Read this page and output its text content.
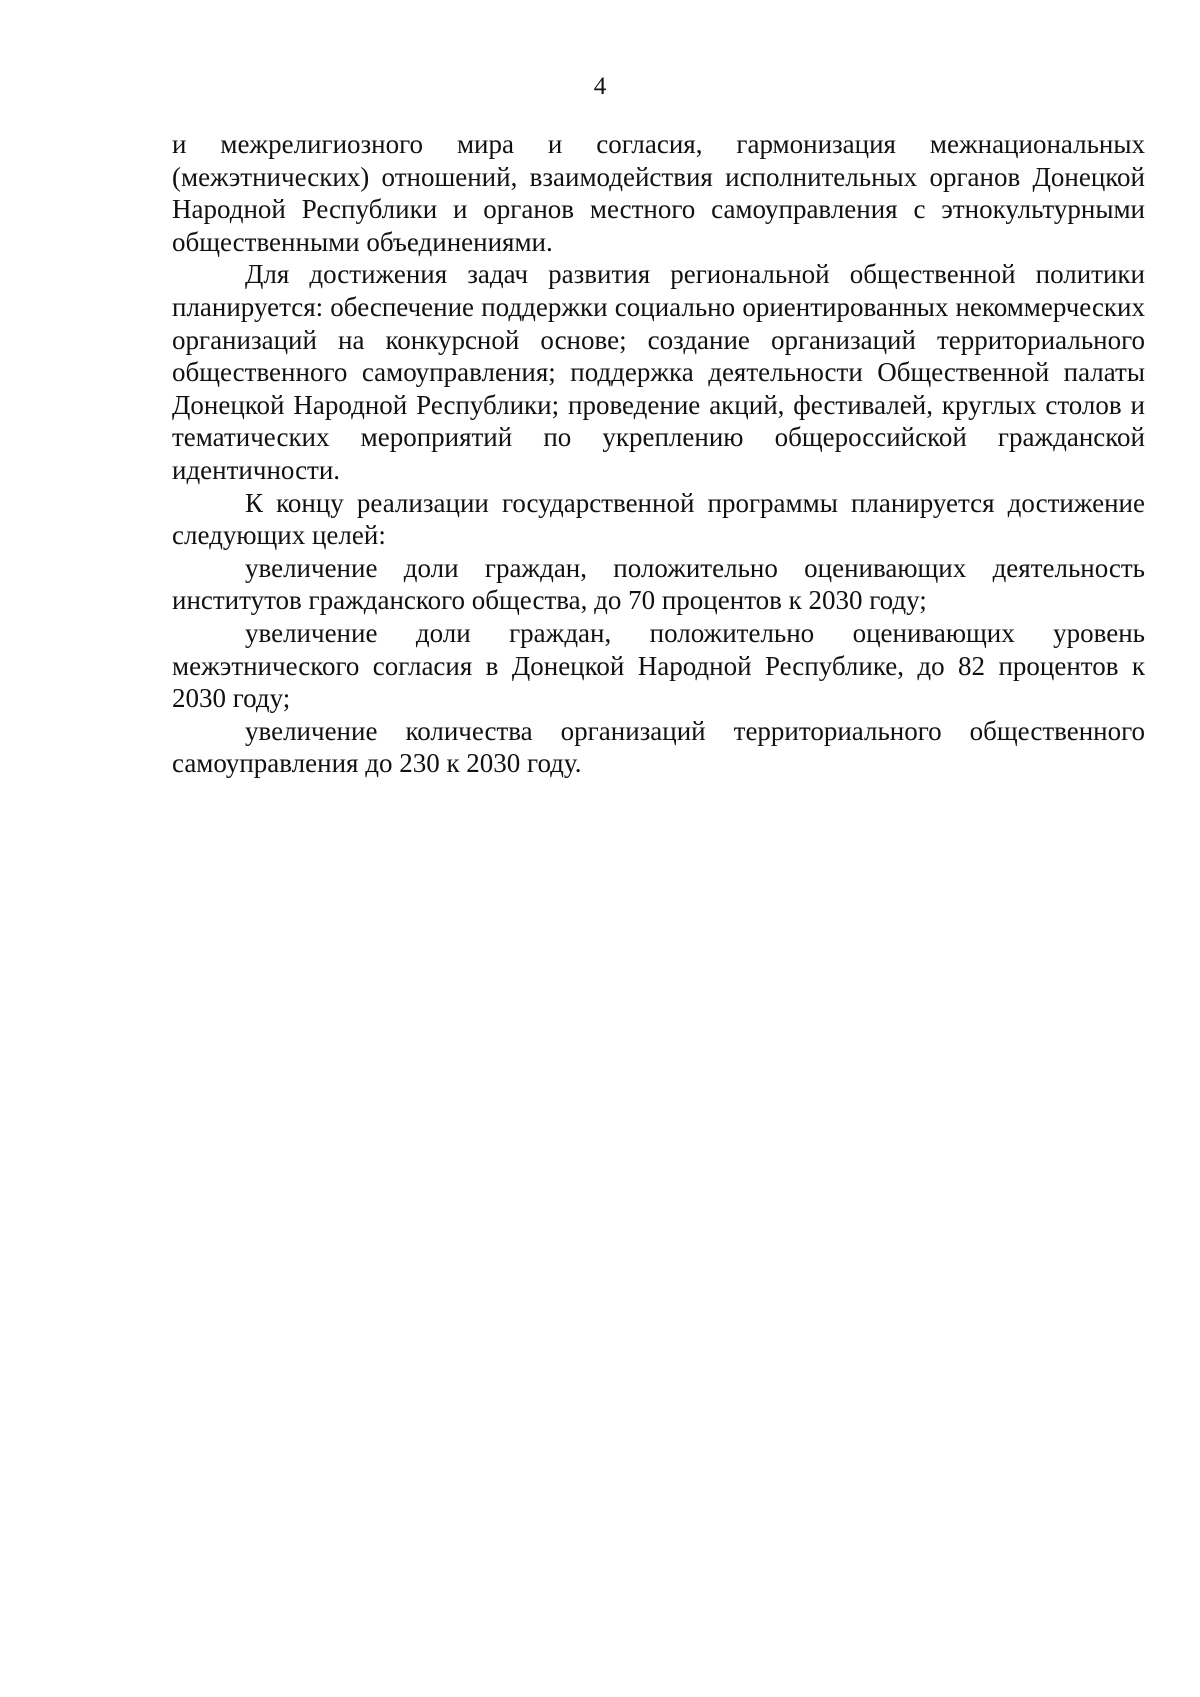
4

и межрелигиозного мира и согласия, гармонизация межнациональных (межэтнических) отношений, взаимодействия исполнительных органов Донецкой Народной Республики и органов местного самоуправления с этнокультурными общественными объединениями.

Для достижения задач развития региональной общественной политики планируется: обеспечение поддержки социально ориентированных некоммерческих организаций на конкурсной основе; создание организаций территориального общественного самоуправления; поддержка деятельности Общественной палаты Донецкой Народной Республики; проведение акций, фестивалей, круглых столов и тематических мероприятий по укреплению общероссийской гражданской идентичности.

К концу реализации государственной программы планируется достижение следующих целей:

увеличение доли граждан, положительно оценивающих деятельность институтов гражданского общества, до 70 процентов к 2030 году;

увеличение доли граждан, положительно оценивающих уровень межэтнического согласия в Донецкой Народной Республике, до 82 процентов к 2030 году;

увеличение количества организаций территориального общественного самоуправления до 230 к 2030 году.
